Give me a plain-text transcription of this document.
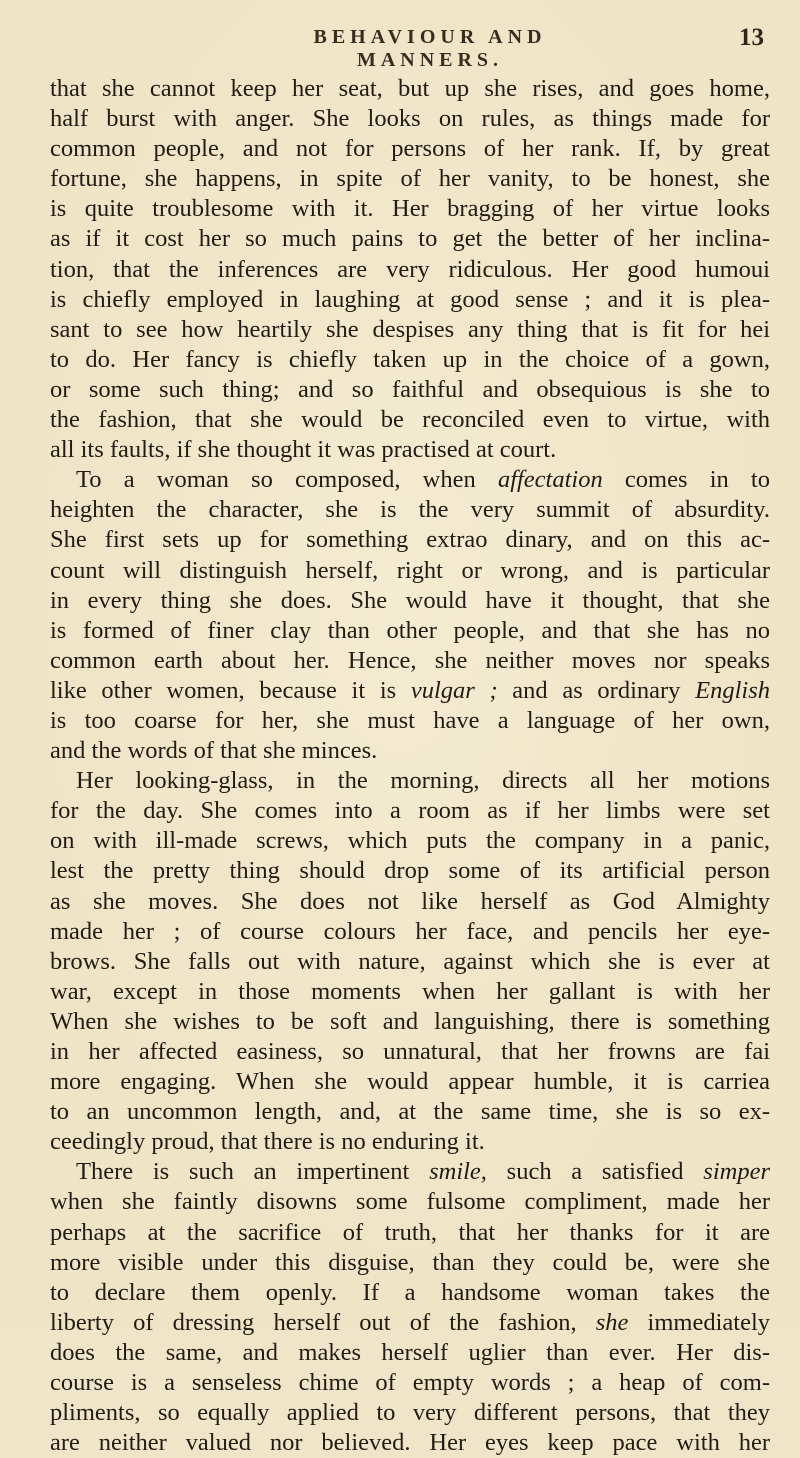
BEHAVIOUR AND MANNERS.
13
that she cannot keep her seat, but up she rises, and goes home,
half burst with anger. She looks on rules, as things made for
common people, and not for persons of her rank. If, by great
fortune, she happens, in spite of her vanity, to be honest, she
is quite troublesome with it. Her bragging of her virtue looks
as if it cost her so much pains to get the better of her inclina-
tion, that the inferences are very ridiculous. Her good humoui
is chiefly employed in laughing at good sense ; and it is plea-
sant to see how heartily she despises any thing that is fit for hei
to do. Her fancy is chiefly taken up in the choice of a gown,
or some such thing; and so faithful and obsequious is she to
the fashion, that she would be reconciled even to virtue, with
all its faults, if she thought it was practised at court.
To a woman so composed, when affectation comes in to
heighten the character, she is the very summit of absurdity.
She first sets up for something extrao dinary, and on this ac-
count will distinguish herself, right or wrong, and is particular
in every thing she does. She would have it thought, that she
is formed of finer clay than other people, and that she has no
common earth about her. Hence, she neither moves nor speaks
like other women, because it is vulgar ; and as ordinary English
is too coarse for her, she must have a language of her own,
and the words of that she minces.
Her looking-glass, in the morning, directs all her motions
for the day. She comes into a room as if her limbs were set
on with ill-made screws, which puts the company in a panic,
lest the pretty thing should drop some of its artificial person
as she moves. She does not like herself as God Almighty
made her ; of course colours her face, and pencils her eye-
brows. She falls out with nature, against which she is ever at
war, except in those moments when her gallant is with her
When she wishes to be soft and languishing, there is something
in her affected easiness, so unnatural, that her frowns are fai
more engaging. When she would appear humble, it is carriea
to an uncommon length, and, at the same time, she is so ex-
ceedingly proud, that there is no enduring it.
There is such an impertinent smile, such a satisfied simper
when she faintly disowns some fulsome compliment, made her
perhaps at the sacrifice of truth, that her thanks for it are
more visible under this disguise, than they could be, were she
to declare them openly. If a handsome woman takes the
liberty of dressing herself out of the fashion, she immediately
does the same, and makes herself uglier than ever. Her dis-
course is a senseless chime of empty words ; a heap of com-
pliments, so equally applied to very different persons, that they
are neither valued nor believed. Her eyes keep pace with her
